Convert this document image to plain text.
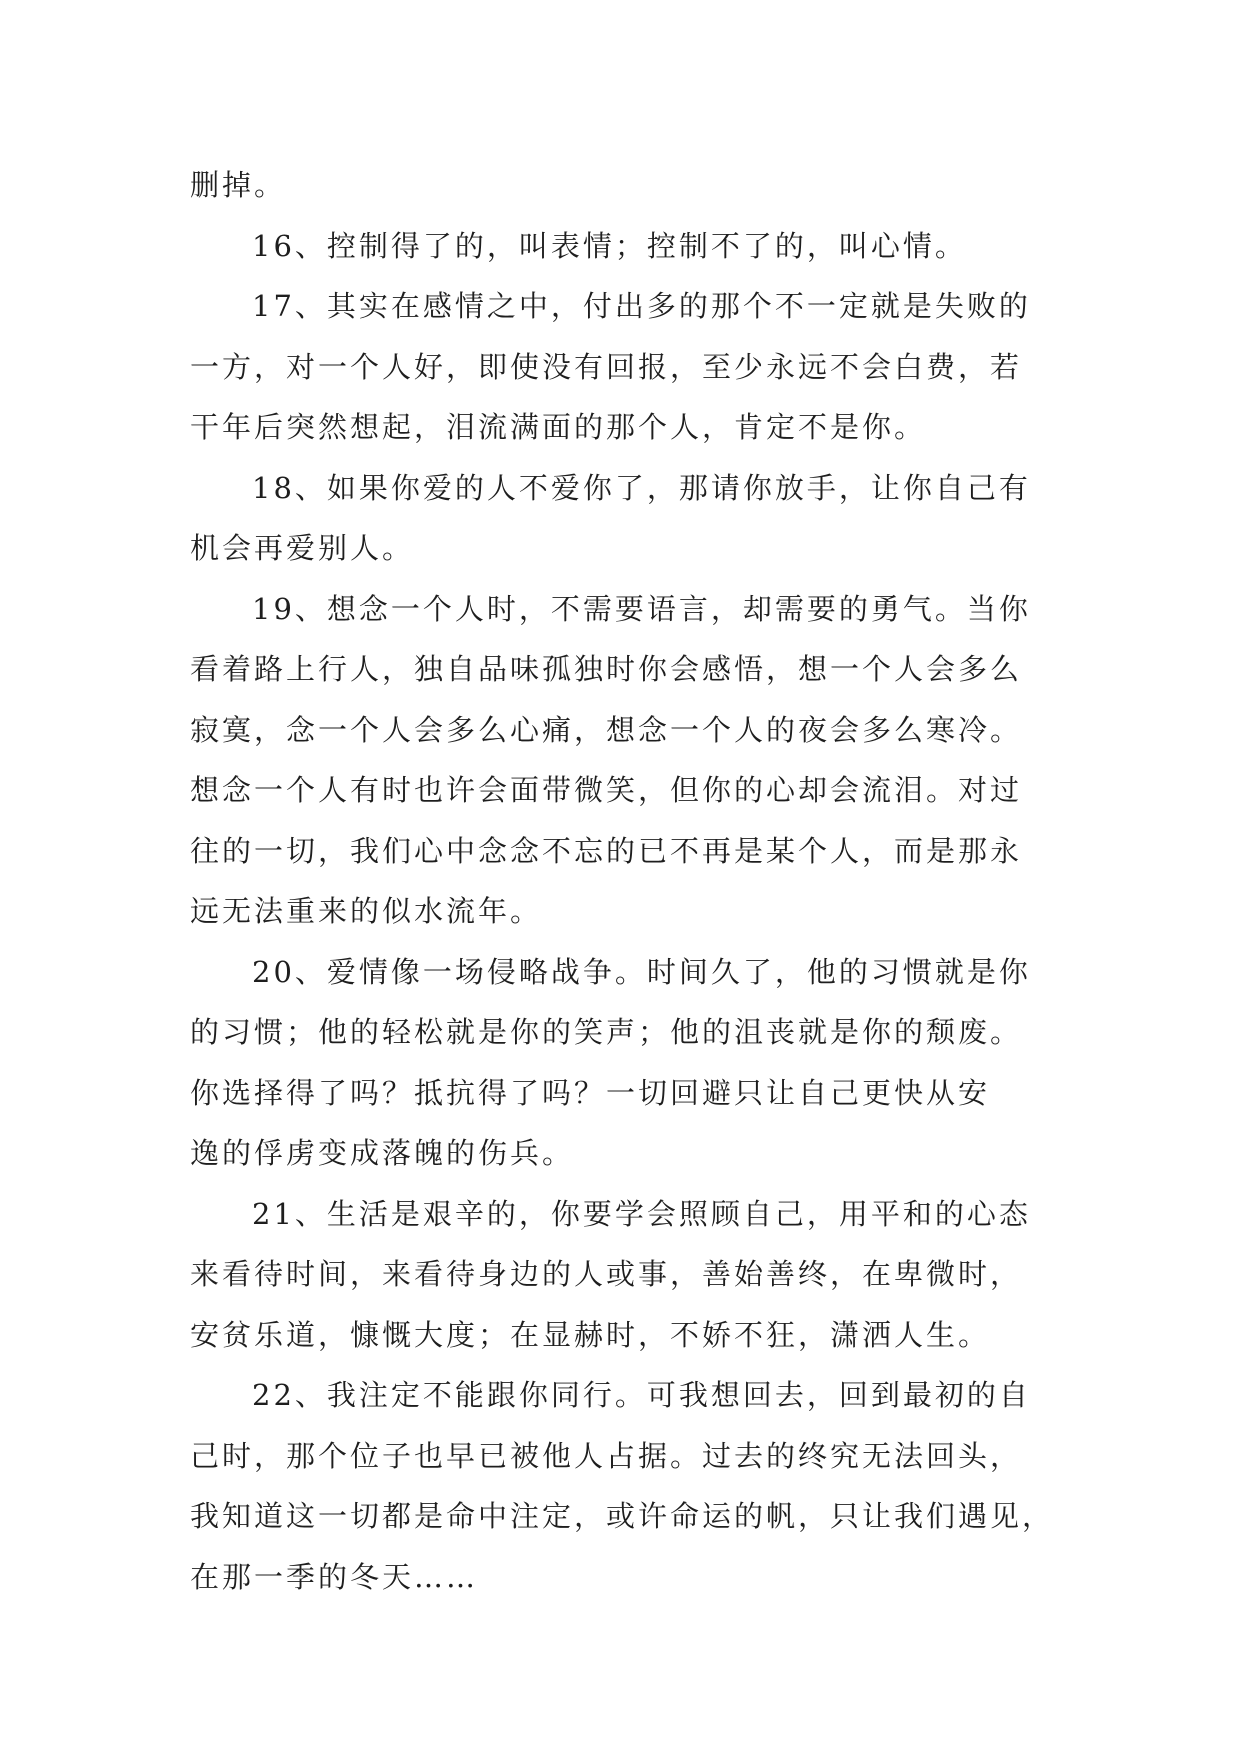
删掉。
16、控制得了的，叫表情；控制不了的，叫心情。
17、其实在感情之中，付出多的那个不一定就是失败的
一方，对一个人好，即使没有回报，至少永远不会白费，若
干年后突然想起，泪流满面的那个人，肯定不是你。
18、如果你爱的人不爱你了，那请你放手，让你自己有
机会再爱别人。
19、想念一个人时，不需要语言，却需要的勇气。当你
看着路上行人，独自品味孤独时你会感悟，想一个人会多么
寂寞，念一个人会多么心痛，想念一个人的夜会多么寒冷。
想念一个人有时也许会面带微笑，但你的心却会流泪。对过
往的一切，我们心中念念不忘的已不再是某个人，而是那永
远无法重来的似水流年。
20、爱情像一场侵略战争。时间久了，他的习惯就是你
的习惯；他的轻松就是你的笑声；他的沮丧就是你的颓废。
你选择得了吗？抵抗得了吗？一切回避只让自己更快从安
逸的俘虏变成落魄的伤兵。
21、生活是艰辛的，你要学会照顾自己，用平和的心态
来看待时间，来看待身边的人或事，善始善终，在卑微时，
安贫乐道，慷慨大度；在显赫时，不娇不狂，潇洒人生。
22、我注定不能跟你同行。可我想回去，回到最初的自
己时，那个位子也早已被他人占据。过去的终究无法回头，
我知道这一切都是命中注定，或许命运的帆，只让我们遇见，
在那一季的冬天……
